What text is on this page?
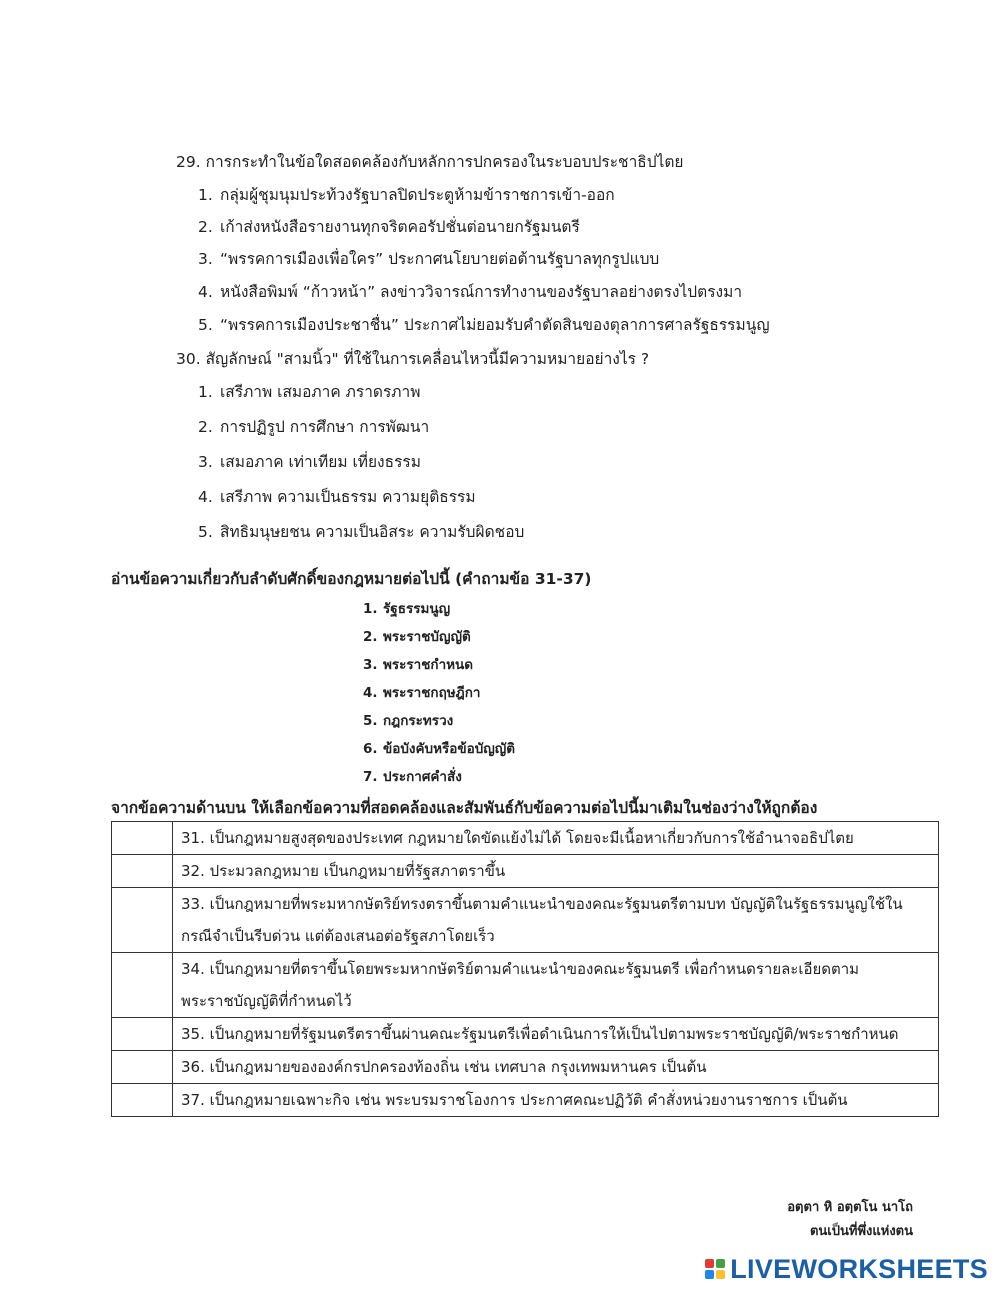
29. การกระทำในข้อใดสอดคล้องกับหลักการปกครองในระบอบประชาธิปไตย
1. กลุ่มผู้ชุมนุมประท้วงรัฐบาลปิดประตูห้ามข้าราชการเข้า-ออก
2. เก้าส่งหนังสือรายงานทุกจริตคอรัปชั่นต่อนายกรัฐมนตรี
3. “พรรคการเมืองเพื่อใคร” ประกาศนโยบายต่อต้านรัฐบาลทุกรูปแบบ
4. หนังสือพิมพ์ “ก้าวหน้า” ลงข่าววิจารณ์การทำงานของรัฐบาลอย่างตรงไปตรงมา
5. “พรรคการเมืองประชาชื่น” ประกาศไม่ยอมรับคำตัดสินของตุลาการศาลรัฐธรรมนูญ
30. สัญลักษณ์ "สามนิ้ว" ที่ใช้ในการเคลื่อนไหวนี้มีความหมายอย่างไร ?
1. เสรีภาพ เสมอภาค ภราดรภาพ
2. การปฏิรูป การศึกษา การพัฒนา
3. เสมอภาค เท่าเทียม เที่ยงธรรม
4. เสรีภาพ ความเป็นธรรม ความยุติธรรม
5. สิทธิมนุษยชน ความเป็นอิสระ ความรับผิดชอบ
อ่านข้อความเกี่ยวกับลำดับศักดิ์ของกฎหมายต่อไปนี้ (คำถามข้อ 31-37)
1. รัฐธรรมนูญ
2. พระราชบัญญัติ
3. พระราชกำหนด
4. พระราชกฤษฎีกา
5. กฎกระทรวง
6. ข้อบังคับหรือข้อบัญญัติ
7. ประกาศคำสั่ง
จากข้อความด้านบน ให้เลือกข้อความที่สอดคล้องและสัมพันธ์กับข้อความต่อไปนี้มาเติมในช่องว่างให้ถูกต้อง

	31. เป็นกฎหมายสูงสุดของประเทศ กฎหมายใดขัดแย้งไม่ได้ โดยจะมีเนื้อหาเกี่ยวกับการใช้อำนาจอธิปไตย

	32. ประมวลกฎหมาย เป็นกฎหมายที่รัฐสภาตราขึ้น

	33. เป็นกฎหมายที่พระมหากษัตริย์ทรงตราขึ้นตามคำแนะนำของคณะรัฐมนตรีตามบท บัญญัติในรัฐธรรมนูญใช้ใน
กรณีจำเป็นรีบด่วน แต่ต้องเสนอต่อรัฐสภาโดยเร็ว

	34. เป็นกฎหมายที่ตราขึ้นโดยพระมหากษัตริย์ตามคำแนะนำของคณะรัฐมนตรี เพื่อกำหนดรายละเอียดตาม
พระราชบัญญัติที่กำหนดไว้

	35. เป็นกฎหมายที่รัฐมนตรีตราขึ้นผ่านคณะรัฐมนตรีเพื่อดำเนินการให้เป็นไปตามพระราชบัญญัติ/พระราชกำหนด

	36. เป็นกฎหมายขององค์กรปกครองท้องถิ่น เช่น เทศบาล กรุงเทพมหานคร เป็นต้น

	37. เป็นกฎหมายเฉพาะกิจ เช่น พระบรมราชโองการ ประกาศคณะปฏิวัติ คำสั่งหน่วยงานราชการ เป็นต้น
อตฺตา หิ อตฺตโน นาโถ
ตนเป็นที่พึ่งแห่งตน
LIVEWORKSHEETS
